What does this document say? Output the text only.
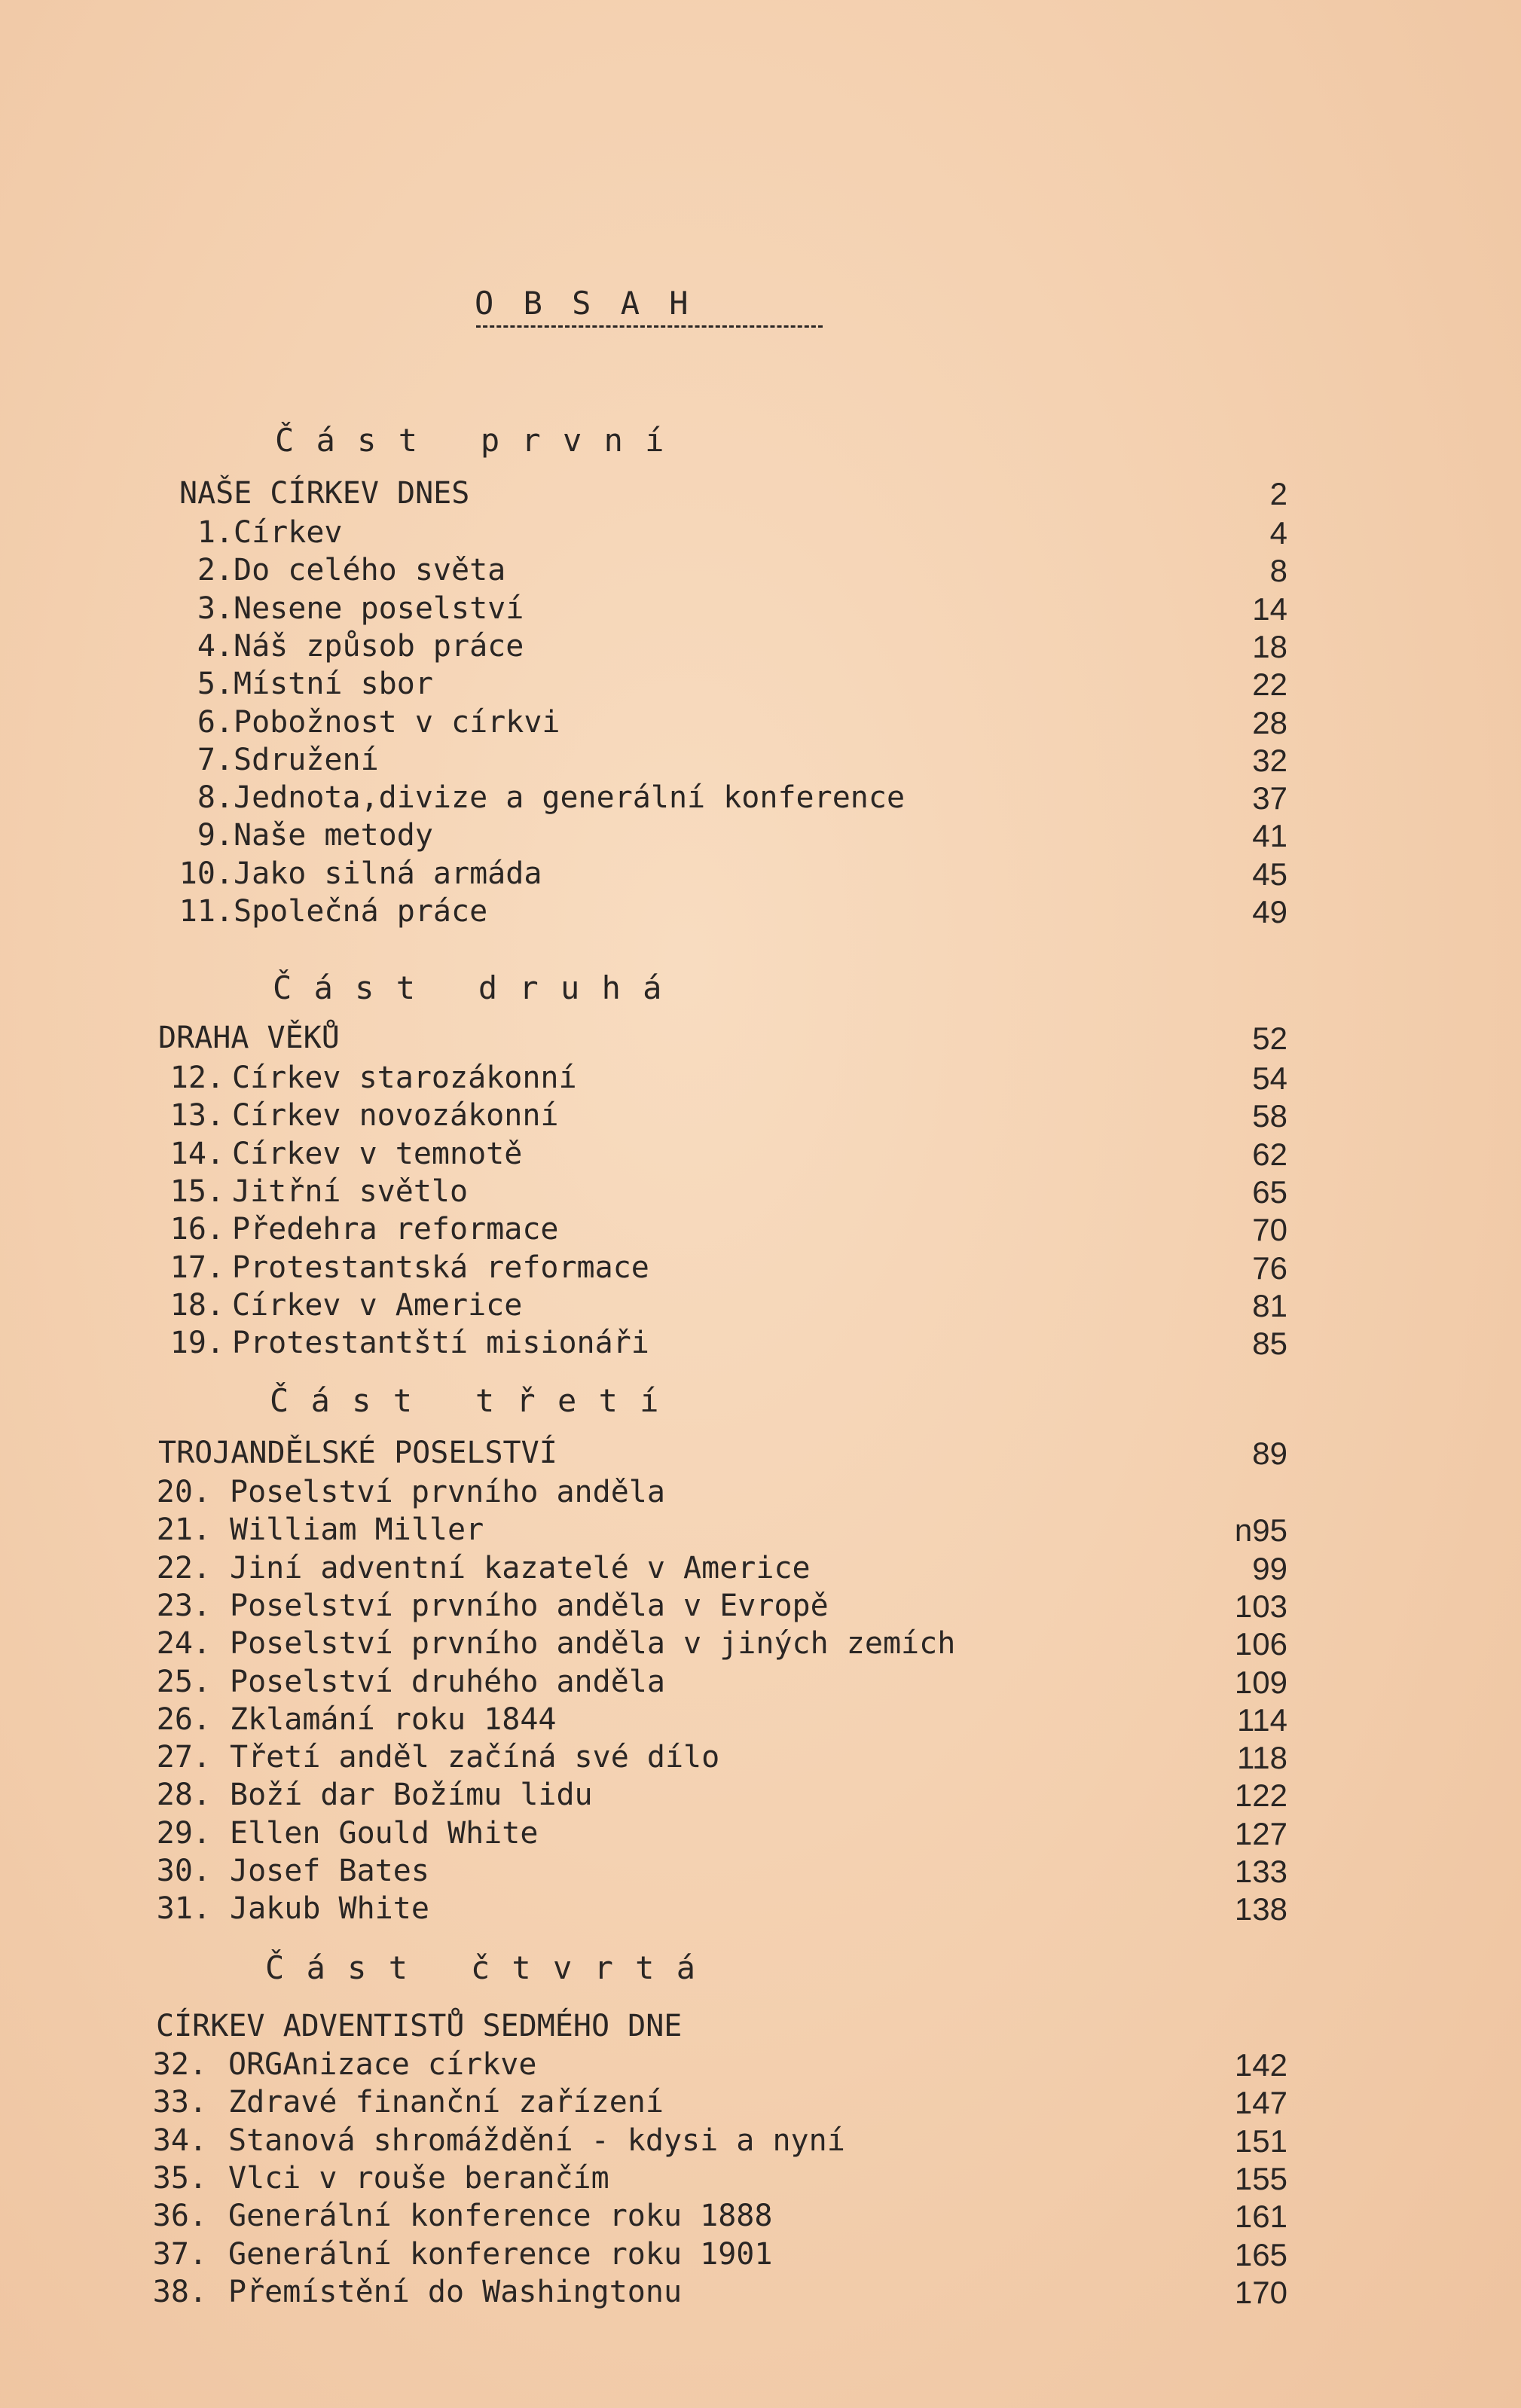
O B S A H
Č á s t   p r v n í
NAŠE CÍRKEV DNES	2
1. Církev	4
2. Do celého světa	8
3. Nesene poselství	14
4. Náš způsob práce	18
5. Místní sbor	22
6. Pobožnost v církvi	28
7. Sdružení	32
8. Jednota,divize a generální konference	37
9. Naše metody	41
10. Jako silná armáda	45
11. Společná práce	49
Č á s t   d r u h á
DRAHA VĚKŮ	52
12. Církev starozákonní	54
13. Církev novozákonní	58
14. Církev v temnotě	62
15. Jitřní světlo	65
16. Předehra reformace	70
17. Protestantská reformace	76
18. Církev v Americe	81
19. Protestantští misionáři	85
Č á s t   t ř e t í
TROJANDĚLSKÉ POSELSTVÍ	89
20. Poselství prvního anděla
21. William Miller	n95
22. Jiní adventní kazatelé v Americe	99
23. Poselství prvního anděla v Evropě	103
24. Poselství prvního anděla v jiných zemích	106
25. Poselství druhého anděla	109
26. Zklamání roku 1844	114
27. Třetí anděl začíná své dílo	118
28. Boží dar Božímu lidu	122
29. Ellen Gould White	127
30. Josef Bates	133
31. Jakub White	138
Č á s t   č t v r t á
CÍRKEV ADVENTISTŮ SEDMÉHO DNE
32. ORGAnizace církve	142
33. Zdravé finanční zařízení	147
34. Stanová shromáždění - kdysi a nyní	151
35. Vlci v rouše berančím	155
36. Generální konference roku 1888	161
37. Generální konference roku 1901	165
38. Přemístění do Washingtonu	170
